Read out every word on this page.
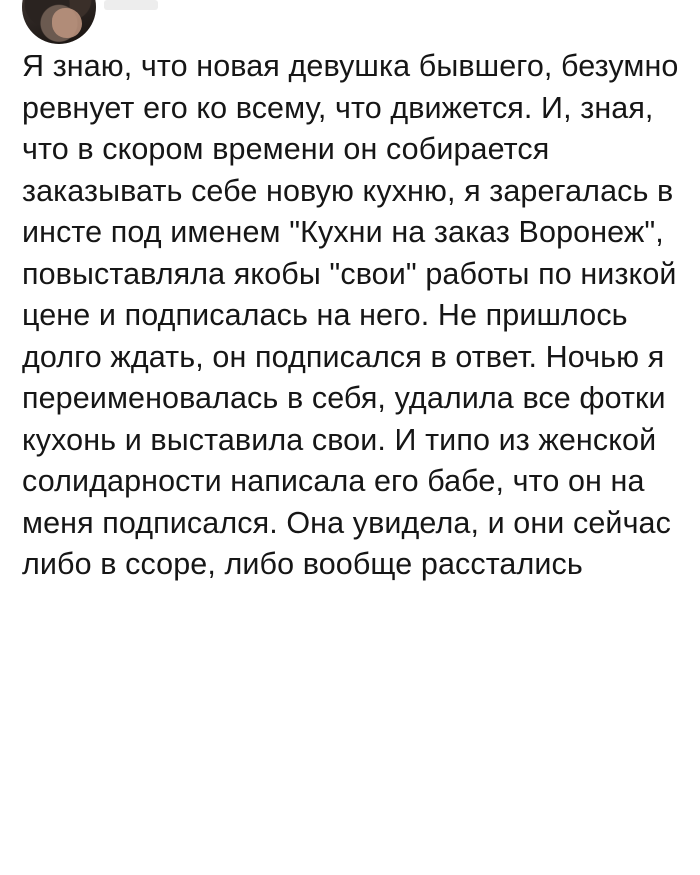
Я знаю, что новая девушка бывшего, безумно ревнует его ко всему, что движется. И, зная, что в скором времени он собирается заказывать себе новую кухню, я зарегалась в инсте под именем "Кухни на заказ Воронеж", повыставляла якобы "свои" работы по низкой цене и подписалась на него. Не пришлось долго ждать, он подписался в ответ. Ночью я переименовалась в себя, удалила все фотки кухонь и выставила свои. И типо из женской солидарности написала его бабе, что он на меня подписался. Она увидела, и они сейчас либо в ссоре, либо вообще расстались
